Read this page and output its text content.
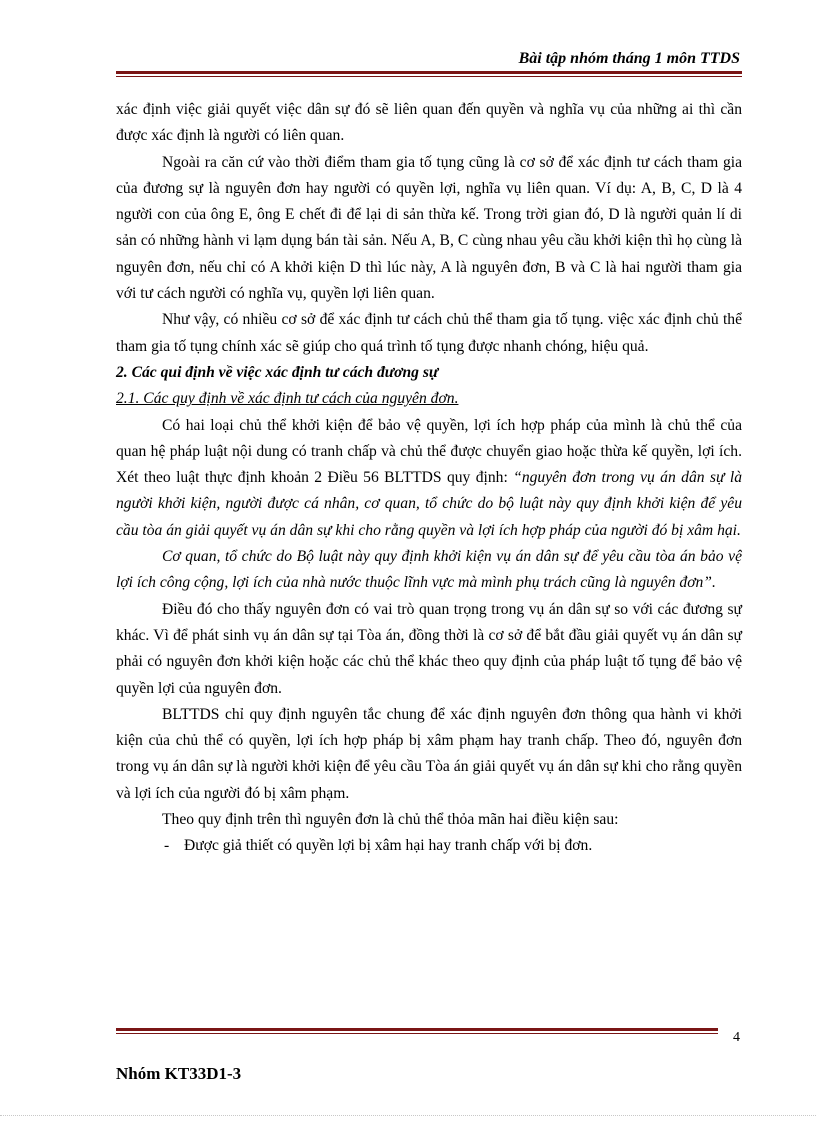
Bài tập nhóm tháng 1 môn TTDS

xác định việc giải quyết việc dân sự đó sẽ liên quan đến quyền và nghĩa vụ của những ai thì cần được xác định là người có liên quan.

Ngoài ra căn cứ vào thời điểm tham gia tố tụng cũng là cơ sở để xác định tư cách tham gia của đương sự là nguyên đơn hay người có quyền lợi, nghĩa vụ liên quan. Ví dụ: A, B, C, D là 4 người con của ông E, ông E chết đi để lại di sản thừa kế. Trong trời gian đó, D là người quản lí di sản có những hành vi lạm dụng bán tài sản. Nếu A, B, C cùng nhau yêu cầu khởi kiện thì họ cùng là nguyên đơn, nếu chỉ có A khởi kiện D thì lúc này, A là nguyên đơn, B và C là hai người tham gia với tư cách người có nghĩa vụ, quyền lợi liên quan.

Như vậy, có nhiều cơ sở để xác định tư cách chủ thể tham gia tố tụng. việc xác định chủ thể tham gia tố tụng chính xác sẽ giúp cho quá trình tố tụng được nhanh chóng, hiệu quả.

2. Các qui định về việc xác định tư cách đương sự

2.1. Các quy định về xác định tư cách của nguyên đơn.

Có hai loại chủ thể khởi kiện để bảo vệ quyền, lợi ích hợp pháp của mình là chủ thể của quan hệ pháp luật nội dung có tranh chấp và chủ thể được chuyển giao hoặc thừa kế quyền, lợi ích. Xét theo luật thực định khoản 2 Điều 56 BLTTDS quy định: “nguyên đơn trong vụ án dân sự là người khởi kiện, người được cá nhân, cơ quan, tổ chức do bộ luật này quy định khởi kiện để yêu cầu tòa án giải quyết vụ án dân sự khi cho rằng quyền và lợi ích hợp pháp của người đó bị xâm hại.

Cơ quan, tổ chức do Bộ luật này quy định khởi kiện vụ án dân sự để yêu cầu tòa án bảo vệ lợi ích công cộng, lợi ích của nhà nước thuộc lĩnh vực mà mình phụ trách cũng là nguyên đơn”.

Điều đó cho thấy nguyên đơn có vai trò quan trọng trong vụ án dân sự so với các đương sự khác. Vì để phát sinh vụ án dân sự tại Tòa án, đồng thời là cơ sở để bắt đầu giải quyết vụ án dân sự phải có nguyên đơn khởi kiện hoặc các chủ thể khác theo quy định của pháp luật tố tụng để bảo vệ quyền lợi của nguyên đơn.

BLTTDS chỉ quy định nguyên tắc chung để xác định nguyên đơn thông qua hành vi khởi kiện của chủ thể có quyền, lợi ích hợp pháp bị xâm phạm hay tranh chấp. Theo đó, nguyên đơn trong vụ án dân sự là người khởi kiện để yêu cầu Tòa án giải quyết vụ án dân sự khi cho rằng quyền và lợi ích của người đó bị xâm phạm.

Theo quy định trên thì nguyên đơn là chủ thể thỏa mãn hai điều kiện sau:

- Được giả thiết có quyền lợi bị xâm hại hay tranh chấp với bị đơn.
4
Nhóm KT33D1-3
